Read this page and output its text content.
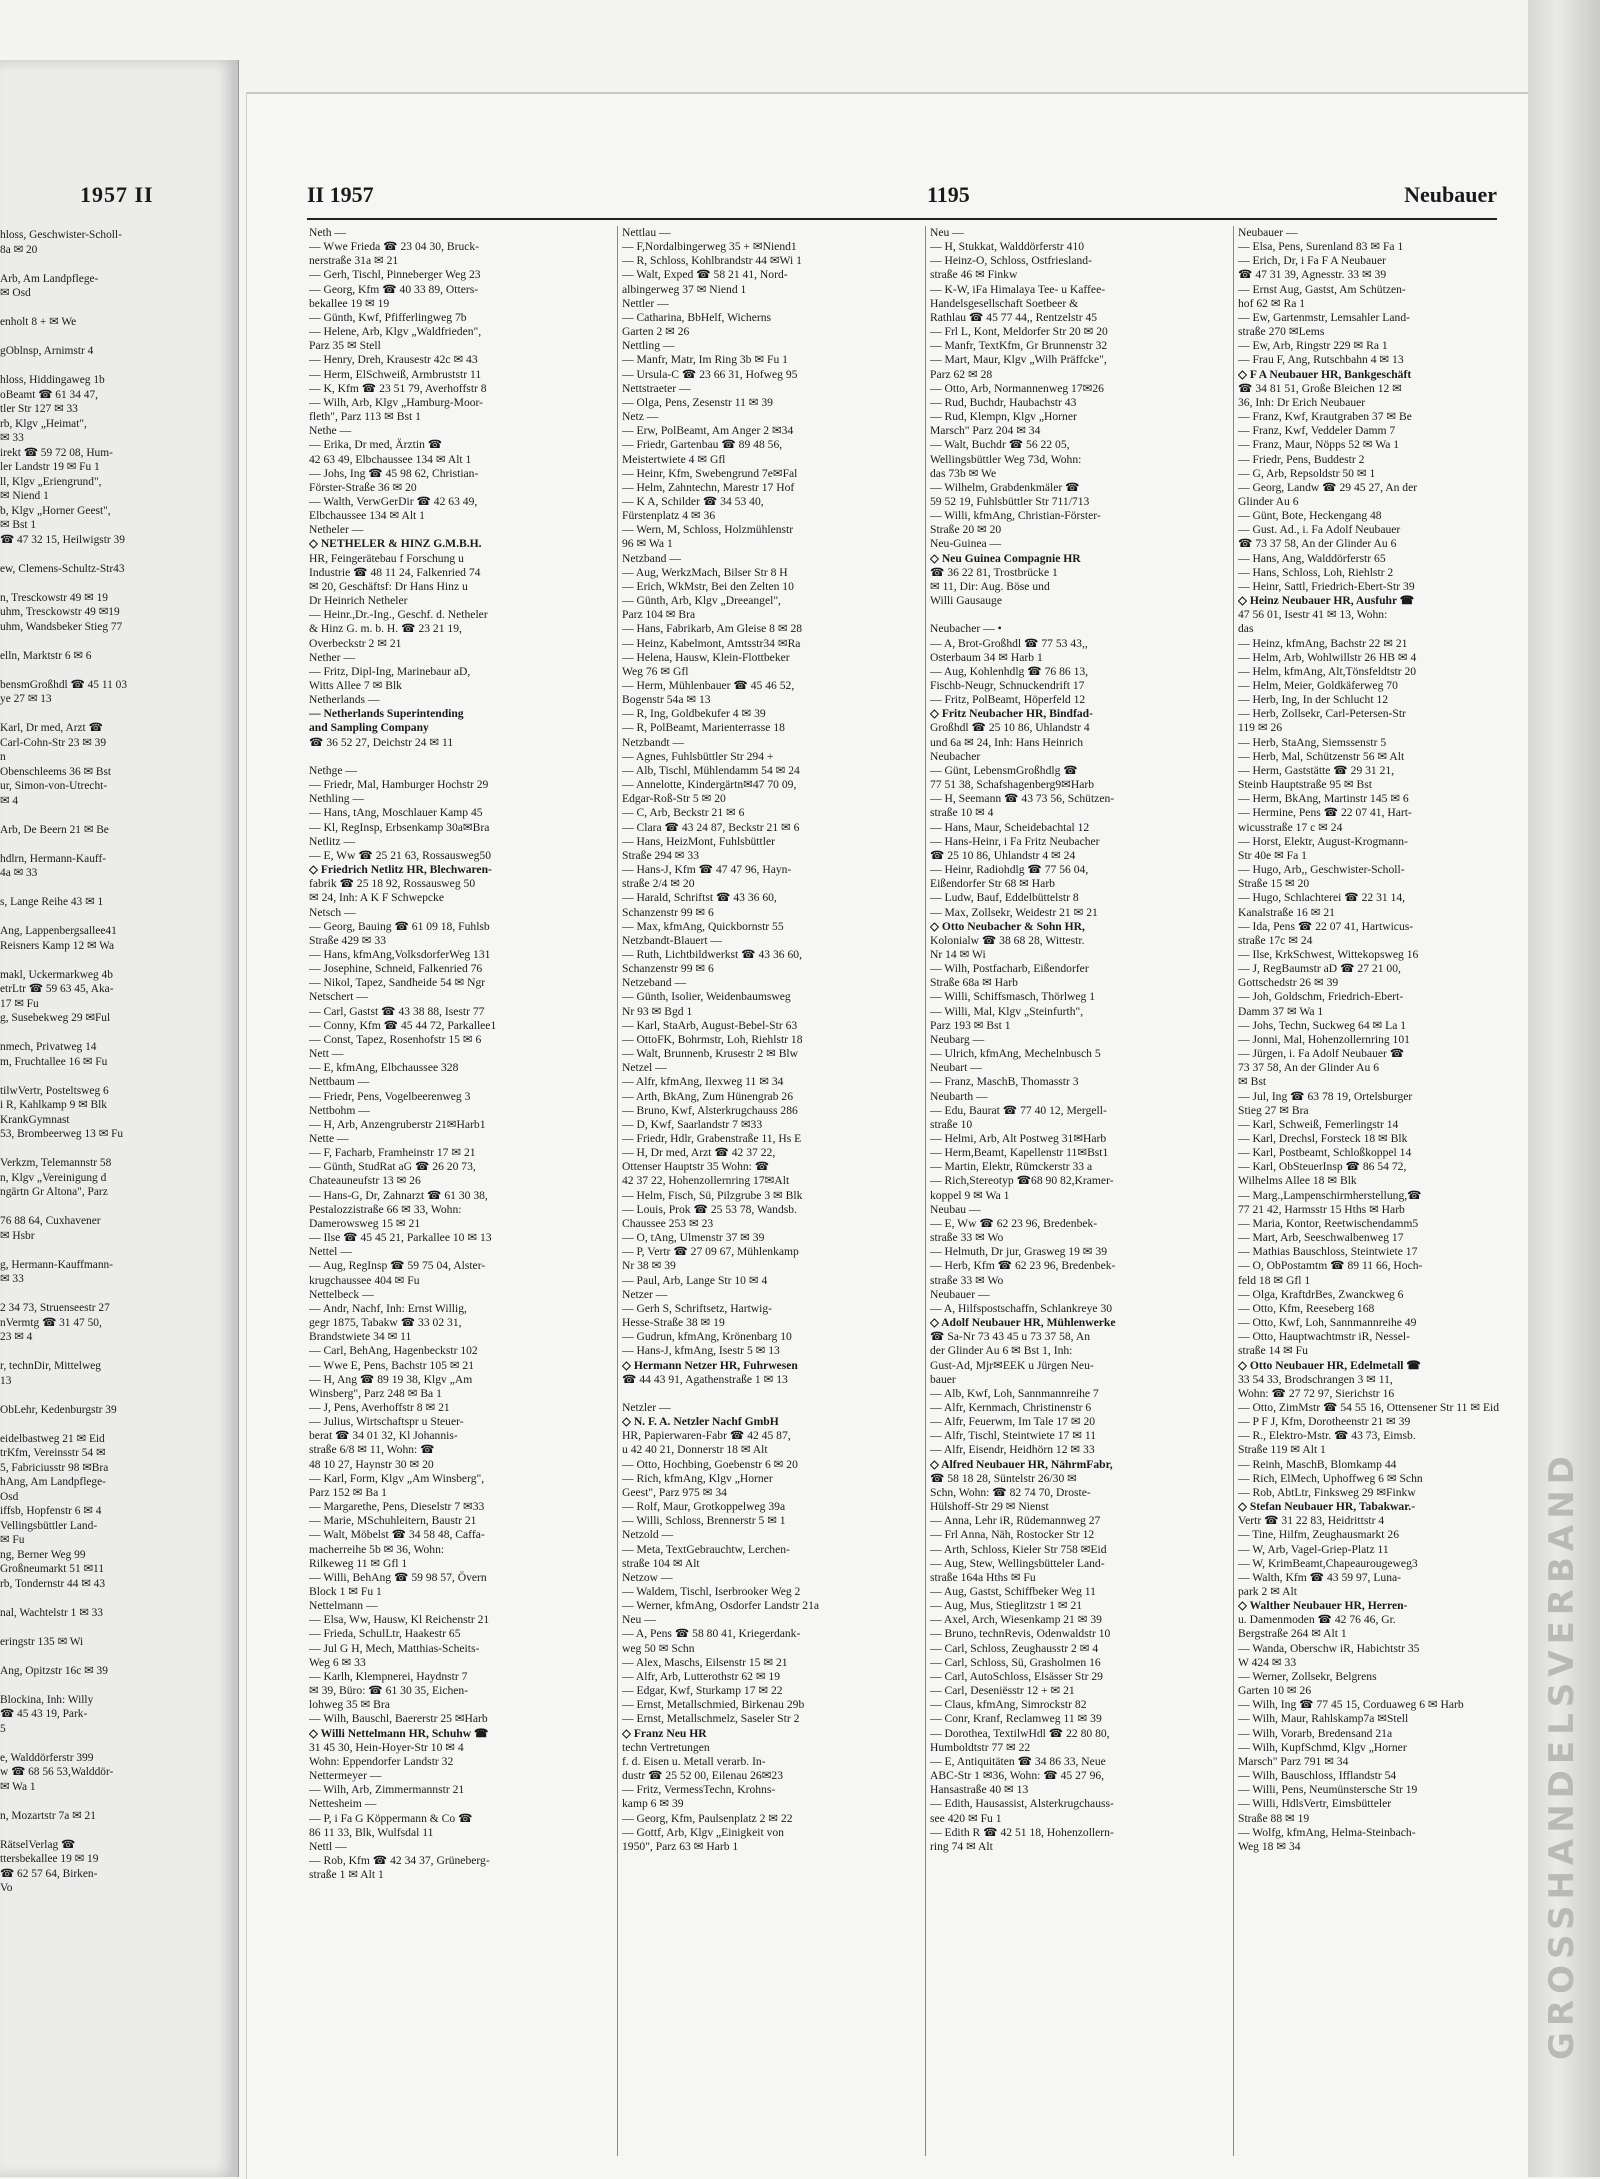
1957 II
hloss, Geschwister-Scholl-
8a ✉ 20

Arb, Am Landpflege-
✉ Osd

enholt 8 + ✉ We

gOblnsp, Arnimstr 4

hloss, Hiddingaweg 1b
oBeamt ☎ 61 34 47,
tler Str 127 ✉ 33
rb, Klgv „Heimat",
✉ 33
irekt ☎ 59 72 08, Hum-
ler Landstr 19 ✉ Fu 1
ll, Klgv „Eriengrund",
✉ Niend 1
b, Klgv „Horner Geest",
✉ Bst 1
☎ 47 32 15, Heilwigstr 39

ew, Clemens-Schultz-Str43

n, Tresckowstr 49 ✉ 19
uhm, Tresckowstr 49 ✉19
uhm, Wandsbeker Stieg 77

elln, Marktstr 6 ✉ 6

bensmGroßhdl ☎ 45 11 03
ye 27 ✉ 13

Karl, Dr med, Arzt ☎
Carl-Cohn-Str 23 ✉ 39
n
Obenschleems 36 ✉ Bst
ur, Simon-von-Utrecht-
✉ 4

Arb, De Beern 21 ✉ Be

hdlrn, Hermann-Kauff-
4a ✉ 33

s, Lange Reihe 43 ✉ 1

Ang, Lappenbergsallee41
Reisners Kamp 12 ✉ Wa

makl, Uckermarkweg 4b
etrLtr ☎ 59 63 45, Aka-
17 ✉ Fu
g, Susebekweg 29 ✉Ful

nmech, Privatweg 14
m, Fruchtallee 16 ✉ Fu

tilwVertr, Posteltsweg 6
i R, Kahlkamp 9 ✉ Blk
KrankGymnast
53, Brombeerweg 13 ✉ Fu

Verkzm, Telemannstr 58
n, Klgv „Vereinigung d
ngärtn Gr Altona", Parz

76 88 64, Cuxhavener
✉ Hsbr

g, Hermann-Kauffmann-
✉ 33

2 34 73, Struenseestr 27
nVermtg ☎ 31 47 50,
23 ✉ 4

r, technDir, Mittelweg
13

ObLehr, Kedenburgstr 39

eidelbastweg 21 ✉ Eid
trKfm, Vereinsstr 54 ✉
5, Fabriciusstr 98 ✉Bra
hAng, Am Landpflege-
Osd
iffsb, Hopfenstr 6 ✉ 4
Vellingsbüttler Land-
✉ Fu
ng, Berner Weg 99
Großneumarkt 51 ✉11
rb, Tondernstr 44 ✉ 43

nal, Wachtelstr 1 ✉ 33

eringstr 135 ✉ Wi

Ang, Opitzstr 16c ✉ 39

Blockina, Inh: Willy
☎ 45 43 19, Park-
5

e, Walddörferstr 399
w ☎ 68 56 53,Walddör-
✉ Wa 1

n, Mozartstr 7a ✉ 21

RätselVerlag ☎
ttersbekallee 19 ✉ 19
☎ 62 57 64, Birken-
Vo
II 1957	1195	Neubauer
Neth —
— Wwe Frieda ☎ 23 04 30, Bruck-
nerstraße 31a ✉ 21
— Gerh, Tischl, Pinneberger Weg 23
— Georg, Kfm ☎ 40 33 89, Otters-
bekallee 19 ✉ 19
— Günth, Kwf, Pfifferlingweg 7b
— Helene, Arb, Klgv „Waldfrieden",
Parz 35 ✉ Stell
— Henry, Dreh, Krausestr 42c ✉ 43
— Herm, ElSchweiß, Armbruststr 11
— K, Kfm ☎ 23 51 79, Averhoffstr 8
— Wilh, Arb, Klgv „Hamburg-Moor-
fleth", Parz 113 ✉ Bst 1
Nethe —
— Erika, Dr med, Ärztin ☎
42 63 49, Elbchaussee 134 ✉ Alt 1
— Johs, Ing ☎ 45 98 62, Christian-
Förster-Straße 36 ✉ 20
— Walth, VerwGerDir ☎ 42 63 49,
Elbchaussee 134 ✉ Alt 1
Netheler —
◇ NETHELER & HINZ G.M.B.H.
HR, Feingerätebau f Forschung u
Industrie ☎ 48 11 24, Falkenried 74
✉ 20, Geschäftsf: Dr Hans Hinz u
Dr Heinrich Netheler
— Heinr.,Dr.-Ing., Geschf. d. Netheler
& Hinz G. m. b. H. ☎ 23 21 19,
Overbeckstr 2 ✉ 21
Nether —
— Fritz, Dipl-Ing, Marinebaur aD,
Witts Allee 7 ✉ Blk
Netherlands —
— Netherlands Superintending
and Sampling Company
☎ 36 52 27, Deichstr 24 ✉ 11

Nethge —
— Friedr, Mal, Hamburger Hochstr 29
Nethling —
— Hans, tAng, Moschlauer Kamp 45
— Kl, RegInsp, Erbsenkamp 30a✉Bra
Netlitz —
— E, Ww ☎ 25 21 63, Rossausweg50
◇ Friedrich Netlitz HR, Blechwaren-
fabrik ☎ 25 18 92, Rossausweg 50
✉ 24, Inh: A K F Schwepcke
Netsch —
— Georg, Bauing ☎ 61 09 18, Fuhlsb
Straße 429 ✉ 33
— Hans, kfmAng,VolksdorferWeg 131
— Josephine, Schneid, Falkenried 76
— Nikol, Tapez, Sandheide 54 ✉ Ngr
Netschert —
— Carl, Gastst ☎ 43 38 88, Isestr 77
— Conny, Kfm ☎ 45 44 72, Parkallee1
— Const, Tapez, Rosenhofstr 15 ✉ 6
Nett —
— E, kfmAng, Elbchaussee 328
Nettbaum —
— Friedr, Pens, Vogelbeerenweg 3
Nettbohm —
— H, Arb, Anzengruberstr 21✉Harb1
Nette —
— F, Facharb, Framheinstr 17 ✉ 21
— Günth, StudRat aG ☎ 26 20 73,
Chateauneufstr 13 ✉ 26
— Hans-G, Dr, Zahnarzt ☎ 61 30 38,
Pestalozzistraße 66 ✉ 33, Wohn:
Damerowsweg 15 ✉ 21
— Ilse ☎ 45 45 21, Parkallee 10 ✉ 13
Nettel —
— Aug, RegInsp ☎ 59 75 04, Alster-
krugchaussee 404 ✉ Fu
Nettelbeck —
— Andr, Nachf, Inh: Ernst Willig,
gegr 1875, Tabakw ☎ 33 02 31,
Brandstwiete 34 ✉ 11
— Carl, BehAng, Hagenbeckstr 102
— Wwe E, Pens, Bachstr 105 ✉ 21
— H, Ang ☎ 89 19 38, Klgv „Am
Winsberg", Parz 248 ✉ Ba 1
— J, Pens, Averhoffstr 8 ✉ 21
— Julius, Wirtschaftspr u Steuer-
berat ☎ 34 01 32, Kl Johannis-
straße 6/8 ✉ 11, Wohn: ☎
48 10 27, Haynstr 30 ✉ 20
— Karl, Form, Klgv „Am Winsberg",
Parz 152 ✉ Ba 1
— Margarethe, Pens, Dieselstr 7 ✉33
— Marie, MSchuhleitern, Baustr 21
— Walt, Möbelst ☎ 34 58 48, Caffa-
macherreihe 5b ✉ 36, Wohn:
Rilkeweg 11 ✉ Gfl 1
— Willi, BehAng ☎ 59 98 57, Övern
Block 1 ✉ Fu 1
Nettelmann —
— Elsa, Ww, Hausw, Kl Reichenstr 21
— Frieda, SchulLtr, Haakestr 65
— Jul G H, Mech, Matthias-Scheits-
Weg 6 ✉ 33
— Karlh, Klempnerei, Haydnstr 7
✉ 39, Büro: ☎ 61 30 35, Eichen-
lohweg 35 ✉ Bra
— Wilh, Bauschl, Baererstr 25 ✉Harb
◇ Willi Nettelmann HR, Schuhw ☎
31 45 30, Hein-Hoyer-Str 10 ✉ 4
Wohn: Eppendorfer Landstr 32
Nettermeyer —
— Wilh, Arb, Zimmermannstr 21
Nettesheim —
— P, i Fa G Köppermann & Co ☎
86 11 33, Blk, Wulfsdal 11
Nettl —
— Rob, Kfm ☎ 42 34 37, Grüneberg-
straße 1 ✉ Alt 1
Nettlau —
— F,Nordalbingerweg 35 + ✉Niend1
— R, Schloss, Kohlbrandstr 44 ✉Wi 1
— Walt, Exped ☎ 58 21 41, Nord-
albingerweg 37 ✉ Niend 1
Nettler —
— Catharina, BbHelf, Wicherns
Garten 2 ✉ 26
Nettling —
— Manfr, Matr, Im Ring 3b ✉ Fu 1
— Ursula-C ☎ 23 66 31, Hofweg 95
Nettstraeter —
— Olga, Pens, Zesenstr 11 ✉ 39
Netz —
— Erw, PolBeamt, Am Anger 2 ✉34
— Friedr, Gartenbau ☎ 89 48 56,
Meistertwiete 4 ✉ Gfl
— Heinr, Kfm, Swebengrund 7e✉Fal
— Helm, Zahntechn, Marestr 17 Hof
— K A, Schilder ☎ 34 53 40,
Fürstenplatz 4 ✉ 36
— Wern, M, Schloss, Holzmühlenstr
96 ✉ Wa 1
Netzband —
— Aug, WerkzMach, Bilser Str 8 H
— Erich, WkMstr, Bei den Zelten 10
— Günth, Arb, Klgv „Dreeangel",
Parz 104 ✉ Bra
— Hans, Fabrikarb, Am Gleise 8 ✉ 28
— Heinz, Kabelmont, Amtsstr34 ✉Ra
— Helena, Hausw, Klein-Flottbeker
Weg 76 ✉ Gfl
— Herm, Mühlenbauer ☎ 45 46 52,
Bogenstr 54a ✉ 13
— R, Ing, Goldbekufer 4 ✉ 39
— R, PolBeamt, Marienterrasse 18
Netzbandt —
— Agnes, Fuhlsbüttler Str 294 +
— Alb, Tischl, Mühlendamm 54 ✉ 24
— Annelotte, Kindergärtn✉47 70 09,
Edgar-Roß-Str 5 ✉ 20
— C, Arb, Beckstr 21 ✉ 6
— Clara ☎ 43 24 87, Beckstr 21 ✉ 6
— Hans, HeizMont, Fuhlsbüttler
Straße 294 ✉ 33
— Hans-J, Kfm ☎ 47 47 96, Hayn-
straße 2/4 ✉ 20
— Harald, Schriftst ☎ 43 36 60,
Schanzenstr 99 ✉ 6
— Max, kfmAng, Quickbornstr 55
Netzbandt-Blauert —
— Ruth, Lichtbildwerkst ☎ 43 36 60,
Schanzenstr 99 ✉ 6
Netzeband —
— Günth, Isolier, Weidenbaumsweg
Nr 93 ✉ Bgd 1
— Karl, StaArb, August-Bebel-Str 63
— OttoFK, Bohrmstr, Loh, Riehlstr 18
— Walt, Brunnenb, Krusestr 2 ✉ Blw
Netzel —
— Alfr, kfmAng, Ilexweg 11 ✉ 34
— Arth, BkAng, Zum Hünengrab 26
— Bruno, Kwf, Alsterkrugchauss 286
— D, Kwf, Saarlandstr 7 ✉33
— Friedr, Hdlr, Grabenstraße 11, Hs E
— H, Dr med, Arzt ☎ 42 37 22,
Ottenser Hauptstr 35 Wohn: ☎
42 37 22, Hohenzollernring 17✉Alt
— Helm, Fisch, Sü, Pilzgrube 3 ✉ Blk
— Louis, Prok ☎ 25 53 78, Wandsb.
Chaussee 253 ✉ 23
— O, tAng, Ulmenstr 37 ✉ 39
— P, Vertr ☎ 27 09 67, Mühlenkamp
Nr 38 ✉ 39
— Paul, Arb, Lange Str 10 ✉ 4
Netzer —
— Gerh S, Schriftsetz, Hartwig-
Hesse-Straße 38 ✉ 19
— Gudrun, kfmAng, Krönenbarg 10
— Hans-J, kfmAng, Isestr 5 ✉ 13
◇ Hermann Netzer HR, Fuhrwesen
☎ 44 43 91, Agathenstraße 1 ✉ 13

Netzler —
◇ N. F. A. Netzler Nachf GmbH
HR, Papierwaren-Fabr ☎ 42 45 87,
u 42 40 21, Donnerstr 18 ✉ Alt
— Otto, Hochbing, Goebenstr 6 ✉ 20
— Rich, kfmAng, Klgv „Horner
Geest", Parz 975 ✉ 34
— Rolf, Maur, Grotkoppelweg 39a
— Willi, Schloss, Brennerstr 5 ✉ 1
Netzold —
— Meta, TextGebrauchtw, Lerchen-
straße 104 ✉ Alt
Netzow —
— Waldem, Tischl, Iserbrooker Weg 2
— Werner, kfmAng, Osdorfer Landstr 21a
Neu —
— A, Pens ☎ 58 80 41, Kriegerdank-
weg 50 ✉ Schn
— Alex, Maschs, Eilsenstr 15 ✉ 21
— Alfr, Arb, Lutterothstr 62 ✉ 19
— Edgar, Kwf, Sturkamp 17 ✉ 22
— Ernst, Metallschmied, Birkenau 29b
— Ernst, Metallschmelz, Saseler Str 2
◇ Franz Neu HR
techn Vertretungen
f. d. Eisen u. Metall verarb. In-
dustr ☎ 25 52 00, Eilenau 26✉23
— Fritz, VermessTechn, Krohns-
kamp 6 ✉ 39
— Georg, Kfm, Paulsenplatz 2 ✉ 22
— Gottf, Arb, Klgv „Einigkeit von
1950", Parz 63 ✉ Harb 1
Neu —
— H, Stukkat, Walddörferstr 410
— Heinz-O, Schloss, Ostfriesland-
straße 46 ✉ Finkw
— K-W, iFa Himalaya Tee- u Kaffee-
Handelsgesellschaft Soetbeer &
Rathlau ☎ 45 77 44,, Rentzelstr 45
— Frl L, Kont, Meldorfer Str 20 ✉ 20
— Manfr, TextKfm, Gr Brunnenstr 32
— Mart, Maur, Klgv „Wilh Präffcke",
Parz 62 ✉ 28
— Otto, Arb, Normannenweg 17✉26
— Rud, Buchdr, Haubachstr 43
— Rud, Klempn, Klgv „Horner
Marsch" Parz 204 ✉ 34
— Walt, Buchdr ☎ 56 22 05,
Wellingsbüttler Weg 73d, Wohn:
das 73b ✉ We
— Wilhelm, Grabdenkmäler ☎
59 52 19, Fuhlsbüttler Str 711/713
— Willi, kfmAng, Christian-Förster-
Straße 20 ✉ 20
Neu-Guinea —
◇ Neu Guinea Compagnie HR
☎ 36 22 81, Trostbrücke 1
✉ 11, Dir: Aug. Böse und
Willi Gausauge

Neubacher — •
— A, Brot-Großhdl ☎ 77 53 43,,
Osterbaum 34 ✉ Harb 1
— Aug, Kohlenhdlg ☎ 76 86 13,
Fischb-Neugr, Schnuckendrift 17
— Fritz, PolBeamt, Höperfeld 12
◇ Fritz Neubacher HR, Bindfad-
Großhdl ☎ 25 10 86, Uhlandstr 4
und 6a ✉ 24, Inh: Hans Heinrich
Neubacher
— Günt, LebensmGroßhdlg ☎
77 51 38, Schafshagenberg9✉Harb
— H, Seemann ☎ 43 73 56, Schützen-
straße 10 ✉ 4
— Hans, Maur, Scheidebachtal 12
— Hans-Heinr, i Fa Fritz Neubacher
☎ 25 10 86, Uhlandstr 4 ✉ 24
— Heinr, Radiohdlg ☎ 77 56 04,
Eißendorfer Str 68 ✉ Harb
— Ludw, Bauf, Eddelbüttelstr 8
— Max, Zollsekr, Weidestr 21 ✉ 21
◇ Otto Neubacher & Sohn HR,
Kolonialw ☎ 38 68 28, Wittestr.
Nr 14 ✉ Wi
— Wilh, Postfacharb, Eißendorfer
Straße 68a ✉ Harb
— Willi, Schiffsmasch, Thörlweg 1
— Willi, Mal, Klgv „Steinfurth",
Parz 193 ✉ Bst 1
Neubarg —
— Ulrich, kfmAng, Mechelnbusch 5
Neubart —
— Franz, MaschB, Thomasstr 3
Neubarth —
— Edu, Baurat ☎ 77 40 12, Mergell-
straße 10
— Helmi, Arb, Alt Postweg 31✉Harb
— Herm,Beamt, Kapellenstr 11✉Bst1
— Martin, Elektr, Rümckerstr 33 a
— Rich,Stereotyp ☎68 90 82,Kramer-
koppel 9 ✉ Wa 1
Neubau —
— E, Ww ☎ 62 23 96, Bredenbek-
straße 33 ✉ Wo
— Helmuth, Dr jur, Grasweg 19 ✉ 39
— Herb, Kfm ☎ 62 23 96, Bredenbek-
straße 33 ✉ Wo
Neubauer —
— A, Hilfspostschaffn, Schlankreye 30
◇ Adolf Neubauer HR, Mühlenwerke
☎ Sa-Nr 73 43 45 u 73 37 58, An
der Glinder Au 6 ✉ Bst 1, Inh:
Gust-Ad, Mjr✉EEK u Jürgen Neu-
bauer
— Alb, Kwf, Loh, Sannmannreihe 7
— Alfr, Kernmach, Christinenstr 6
— Alfr, Feuerwm, Im Tale 17 ✉ 20
— Alfr, Tischl, Steintwiete 17 ✉ 11
— Alfr, Eisendr, Heidhörn 12 ✉ 33
◇ Alfred Neubauer HR, NährmFabr,
☎ 58 18 28, Süntelstr 26/30 ✉
Schn, Wohn: ☎ 82 74 70, Droste-
Hülshoff-Str 29 ✉ Nienst
— Anna, Lehr iR, Rüdemannweg 27
— Frl Anna, Näh, Rostocker Str 12
— Arth, Schloss, Kieler Str 758 ✉Eid
— Aug, Stew, Wellingsbütteler Land-
straße 164a Hths ✉ Fu
— Aug, Gastst, Schiffbeker Weg 11
— Aug, Mus, Stieglitzstr 1 ✉ 21
— Axel, Arch, Wiesenkamp 21 ✉ 39
— Bruno, technRevis, Odenwaldstr 10
— Carl, Schloss, Zeughausstr 2 ✉ 4
— Carl, Schloss, Sü, Grasholmen 16
— Carl, AutoSchloss, Elsässer Str 29
— Carl, Deseniësstr 12 + ✉ 21
— Claus, kfmAng, Simrockstr 82
— Conr, Kranf, Reclamweg 11 ✉ 39
— Dorothea, TextilwHdl ☎ 22 80 80,
Humboldtstr 77 ✉ 22
— E, Antiquitäten ☎ 34 86 33, Neue
ABC-Str 1 ✉36, Wohn: ☎ 45 27 96,
Hansastraße 40 ✉ 13
— Edith, Hausassist, Alsterkrugchauss-
see 420 ✉ Fu 1
— Edith R ☎ 42 51 18, Hohenzollern-
ring 74 ✉ Alt
Neubauer —
— Elsa, Pens, Surenland 83 ✉ Fa 1
— Erich, Dr, i Fa F A Neubauer
☎ 47 31 39, Agnesstr. 33 ✉ 39
— Ernst Aug, Gastst, Am Schützen-
hof 62 ✉ Ra 1
— Ew, Gartenmstr, Lemsahler Land-
straße 270 ✉Lems
— Ew, Arb, Ringstr 229 ✉ Ra 1
— Frau F, Ang, Rutschbahn 4 ✉ 13
◇ F A Neubauer HR, Bankgeschäft
☎ 34 81 51, Große Bleichen 12 ✉
36, Inh: Dr Erich Neubauer
— Franz, Kwf, Krautgraben 37 ✉ Be
— Franz, Kwf, Veddeler Damm 7
— Franz, Maur, Nöpps 52 ✉ Wa 1
— Friedr, Pens, Buddestr 2
— G, Arb, Repsoldstr 50 ✉ 1
— Georg, Landw ☎ 29 45 27, An der
Glinder Au 6
— Günt, Bote, Heckengang 48
— Gust. Ad., i. Fa Adolf Neubauer
☎ 73 37 58, An der Glinder Au 6
— Hans, Ang, Walddörferstr 65
— Hans, Schloss, Loh, Riehlstr 2
— Heinr, Sattl, Friedrich-Ebert-Str 39
◇ Heinz Neubauer HR, Ausfuhr ☎
47 56 01, Isestr 41 ✉ 13, Wohn:
das
— Heinz, kfmAng, Bachstr 22 ✉ 21
— Helm, Arb, Wohlwillstr 26 HB ✉ 4
— Helm, kfmAng, Alt,Tönsfeldtstr 20
— Helm, Meier, Goldkäferweg 70
— Herb, Ing, In der Schlucht 12
— Herb, Zollsekr, Carl-Petersen-Str
119 ✉ 26
— Herb, StaAng, Siemssenstr 5
— Herb, Mal, Schützenstr 56 ✉ Alt
— Herm, Gaststätte ☎ 29 31 21,
Steinb Hauptstraße 95 ✉ Bst
— Herm, BkAng, Martinstr 145 ✉ 6
— Hermine, Pens ☎ 22 07 41, Hart-
wicusstraße 17 c ✉ 24
— Horst, Elektr, August-Krogmann-
Str 40e ✉ Fa 1
— Hugo, Arb,, Geschwister-Scholl-
Straße 15 ✉ 20
— Hugo, Schlachterei ☎ 22 31 14,
Kanalstraße 16 ✉ 21
— Ida, Pens ☎ 22 07 41, Hartwicus-
straße 17c ✉ 24
— Ilse, KrkSchwest, Wittekopsweg 16
— J, RegBaumstr aD ☎ 27 21 00,
Gottschedstr 26 ✉ 39
— Joh, Goldschm, Friedrich-Ebert-
Damm 37 ✉ Wa 1
— Johs, Techn, Suckweg 64 ✉ La 1
— Jonni, Mal, Hohenzollernring 101
— Jürgen, i. Fa Adolf Neubauer ☎
73 37 58, An der Glinder Au 6
✉ Bst
— Jul, Ing ☎ 63 78 19, Ortelsburger
Stieg 27 ✉ Bra
— Karl, Schweiß, Femerlingstr 14
— Karl, Drechsl, Forsteck 18 ✉ Blk
— Karl, Postbeamt, Schloßkoppel 14
— Karl, ObSteuerInsp ☎ 86 54 72,
Wilhelms Allee 18 ✉ Blk
— Marg.,Lampenschirmherstellung,☎
77 21 42, Harmsstr 15 Hths ✉ Harb
— Maria, Kontor, Reetwischendamm5
— Mart, Arb, Seeschwalbenweg 17
— Mathias Bauschloss, Steintwiete 17
— O, ObPostamtm ☎ 89 11 66, Hoch-
feld 18 ✉ Gfl 1
— Olga, KraftdrBes, Zwanckweg 6
— Otto, Kfm, Reeseberg 168
— Otto, Kwf, Loh, Sannmannreihe 49
— Otto, Hauptwachtmstr iR, Nessel-
straße 14 ✉ Fu
◇ Otto Neubauer HR, Edelmetall ☎
33 54 33, Brodschrangen 3 ✉ 11,
Wohn: ☎ 27 72 97, Sierichstr 16
— Otto, ZimMstr ☎ 54 55 16, Ottensener Str 11 ✉ Eid
— P F J, Kfm, Dorotheenstr 21 ✉ 39
— R., Elektro-Mstr. ☎ 43 73, Eimsb.
Straße 119 ✉ Alt 1
— Reinh, MaschB, Blomkamp 44
— Rich, ElMech, Uphoffweg 6 ✉ Schn
— Rob, AbtLtr, Finksweg 29 ✉Finkw
◇ Stefan Neubauer HR, Tabakwar.-
Vertr ☎ 31 22 83, Heidrittstr 4
— Tine, Hilfm, Zeughausmarkt 26
— W, Arb, Vagel-Griep-Platz 11
— W, KrimBeamt,Chapeaurougeweg3
— Walth, Kfm ☎ 43 59 97, Luna-
park 2 ✉ Alt
◇ Walther Neubauer HR, Herren-
u. Damenmoden ☎ 42 76 46, Gr.
Bergstraße 264 ✉ Alt 1
— Wanda, Oberschw iR, Habichtstr 35
W 424 ✉ 33
— Werner, Zollsekr, Belgrens
Garten 10 ✉ 26
— Wilh, Ing ☎ 77 45 15, Corduaweg 6 ✉ Harb
— Wilh, Maur, Rahlskamp7a ✉Stell
— Wilh, Vorarb, Bredensand 21a
— Wilh, KupfSchmd, Klgv „Horner
Marsch" Parz 791 ✉ 34
— Wilh, Bauschloss, Ifflandstr 54
— Willi, Pens, Neumünstersche Str 19
— Willi, HdlsVertr, Eimsbütteler
Straße 88 ✉ 19
— Wolfg, kfmAng, Helma-Steinbach-
Weg 18 ✉ 34	GROSSHANDELSVERBAND
